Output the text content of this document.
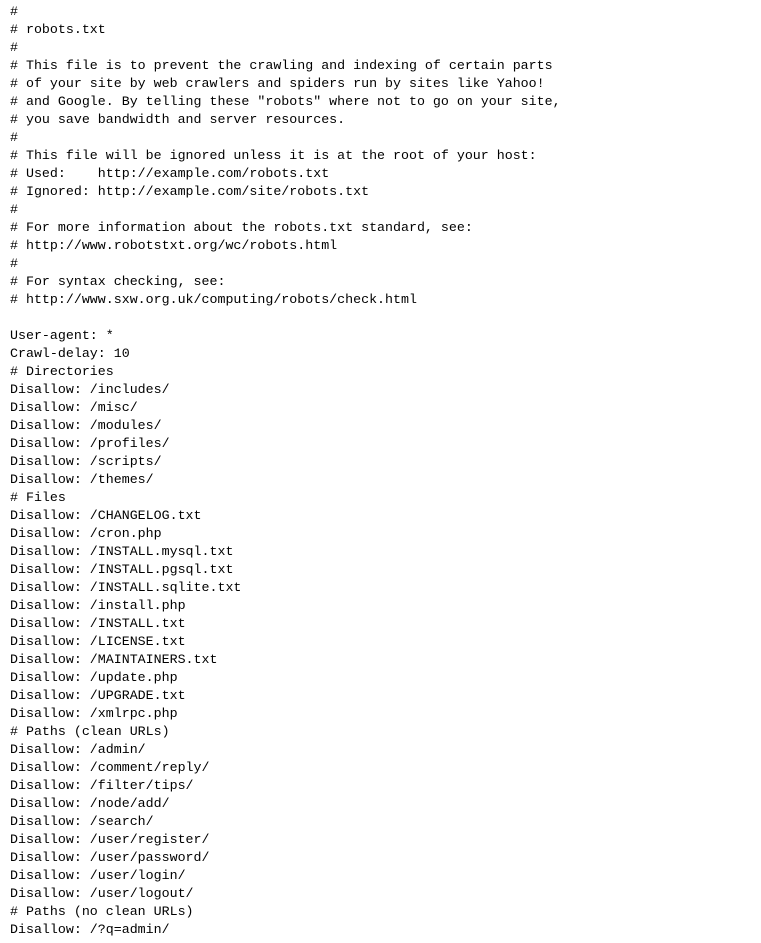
#
# robots.txt
#
# This file is to prevent the crawling and indexing of certain parts
# of your site by web crawlers and spiders run by sites like Yahoo!
# and Google. By telling these "robots" where not to go on your site,
# you save bandwidth and server resources.
#
# This file will be ignored unless it is at the root of your host:
# Used:    http://example.com/robots.txt
# Ignored: http://example.com/site/robots.txt
#
# For more information about the robots.txt standard, see:
# http://www.robotstxt.org/wc/robots.html
#
# For syntax checking, see:
# http://www.sxw.org.uk/computing/robots/check.html
User-agent: *
Crawl-delay: 10
# Directories
Disallow: /includes/
Disallow: /misc/
Disallow: /modules/
Disallow: /profiles/
Disallow: /scripts/
Disallow: /themes/
# Files
Disallow: /CHANGELOG.txt
Disallow: /cron.php
Disallow: /INSTALL.mysql.txt
Disallow: /INSTALL.pgsql.txt
Disallow: /INSTALL.sqlite.txt
Disallow: /install.php
Disallow: /INSTALL.txt
Disallow: /LICENSE.txt
Disallow: /MAINTAINERS.txt
Disallow: /update.php
Disallow: /UPGRADE.txt
Disallow: /xmlrpc.php
# Paths (clean URLs)
Disallow: /admin/
Disallow: /comment/reply/
Disallow: /filter/tips/
Disallow: /node/add/
Disallow: /search/
Disallow: /user/register/
Disallow: /user/password/
Disallow: /user/login/
Disallow: /user/logout/
# Paths (no clean URLs)
Disallow: /?q=admin/
